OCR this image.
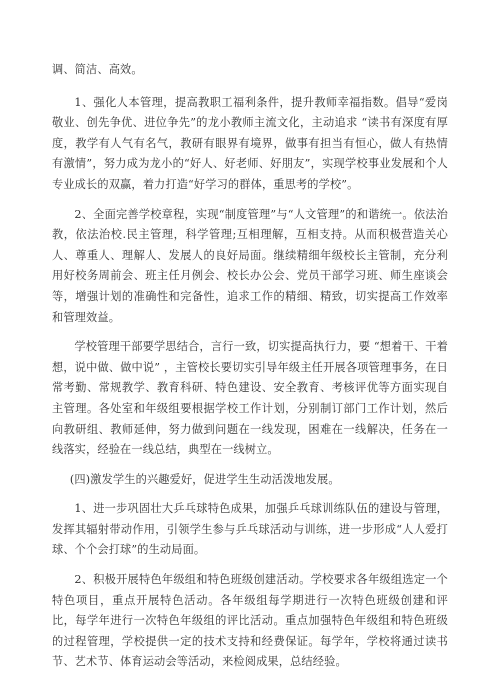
调、简洁、高效。

1、强化人本管理，提高教职工福利条件，提升教师幸福指数。倡导“爱岗敬业、创先争优、进位争先”的龙小教师主流文化，主动追求 “读书有深度有厚度，教学有人气有名气，教研有眼界有境界，做事有担当有恒心，做人有热情有激情”，努力成为龙小的“好人、好老师、好朋友”，实现学校事业发展和个人专业成长的双赢，着力打造“好学习的群体，重思考的学校”。

2、全面完善学校章程，实现“制度管理”与“人文管理”的和谐统一。依法治教，依法治校.民主管理，科学管理;互相理解，互相支持。从而积极营造关心人、尊重人、理解人、发展人的良好局面。继续精细年级校长主管制，充分利用好校务周前会、班主任月例会、校长办公会、党员干部学习班、师生座谈会等，增强计划的准确性和完备性，追求工作的精细、精致，切实提高工作效率和管理效益。

学校管理干部要学思结合，言行一致，切实提高执行力，要 “想着干、干着想，说中做、做中说” ，主管校长要切实引导年级主任开展各项管理事务，在日常考勤、常规教学、教育科研、特色建设、安全教育、考核评优等方面实现自主管理。各处室和年级组要根据学校工作计划，分别制订部门工作计划，然后向教研组、教师延伸，努力做到问题在一线发现，困难在一线解决，任务在一线落实，经验在一线总结，典型在一线树立。

(四)激发学生的兴趣爱好，促进学生生动活泼地发展。

1、进一步巩固壮大乒乓球特色成果，加强乒乓球训练队伍的建设与管理，发挥其辐射带动作用，引领学生参与乒乓球活动与训练，进一步形成“人人爱打球、个个会打球”的生动局面。

2、积极开展特色年级组和特色班级创建活动。学校要求各年级组选定一个特色项目，重点开展特色活动。各年级组每学期进行一次特色班级创建和评比，每学年进行一次特色年级组的评比活动。重点加强特色年级组和特色班级的过程管理，学校提供一定的技术支持和经费保证。每学年，学校将通过读书节、艺术节、体育运动会等活动，来检阅成果，总结经验。
